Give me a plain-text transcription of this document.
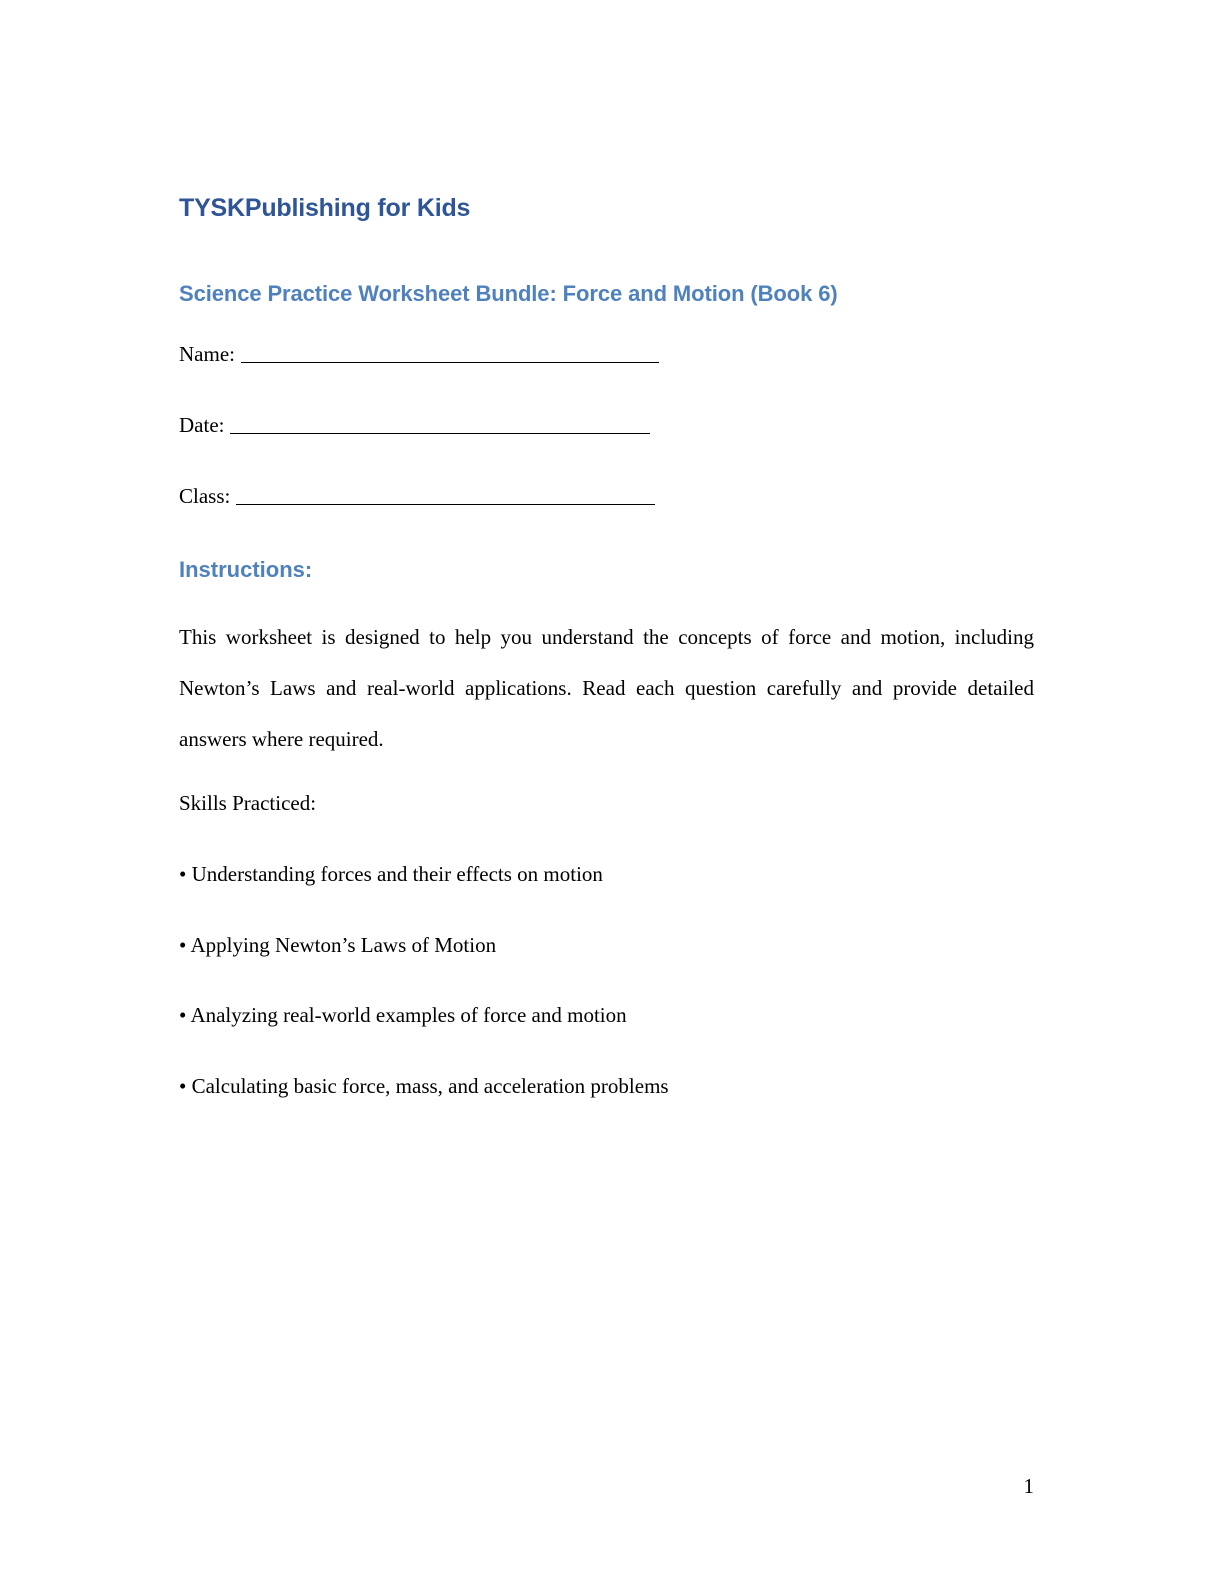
TYSKPublishing for Kids
Science Practice Worksheet Bundle: Force and Motion (Book 6)
Name:
Date:
Class:
Instructions:
This worksheet is designed to help you understand the concepts of force and motion, including Newton’s Laws and real-world applications. Read each question carefully and provide detailed answers where required.
Skills Practiced:
• Understanding forces and their effects on motion
• Applying Newton’s Laws of Motion
• Analyzing real-world examples of force and motion
• Calculating basic force, mass, and acceleration problems
1
